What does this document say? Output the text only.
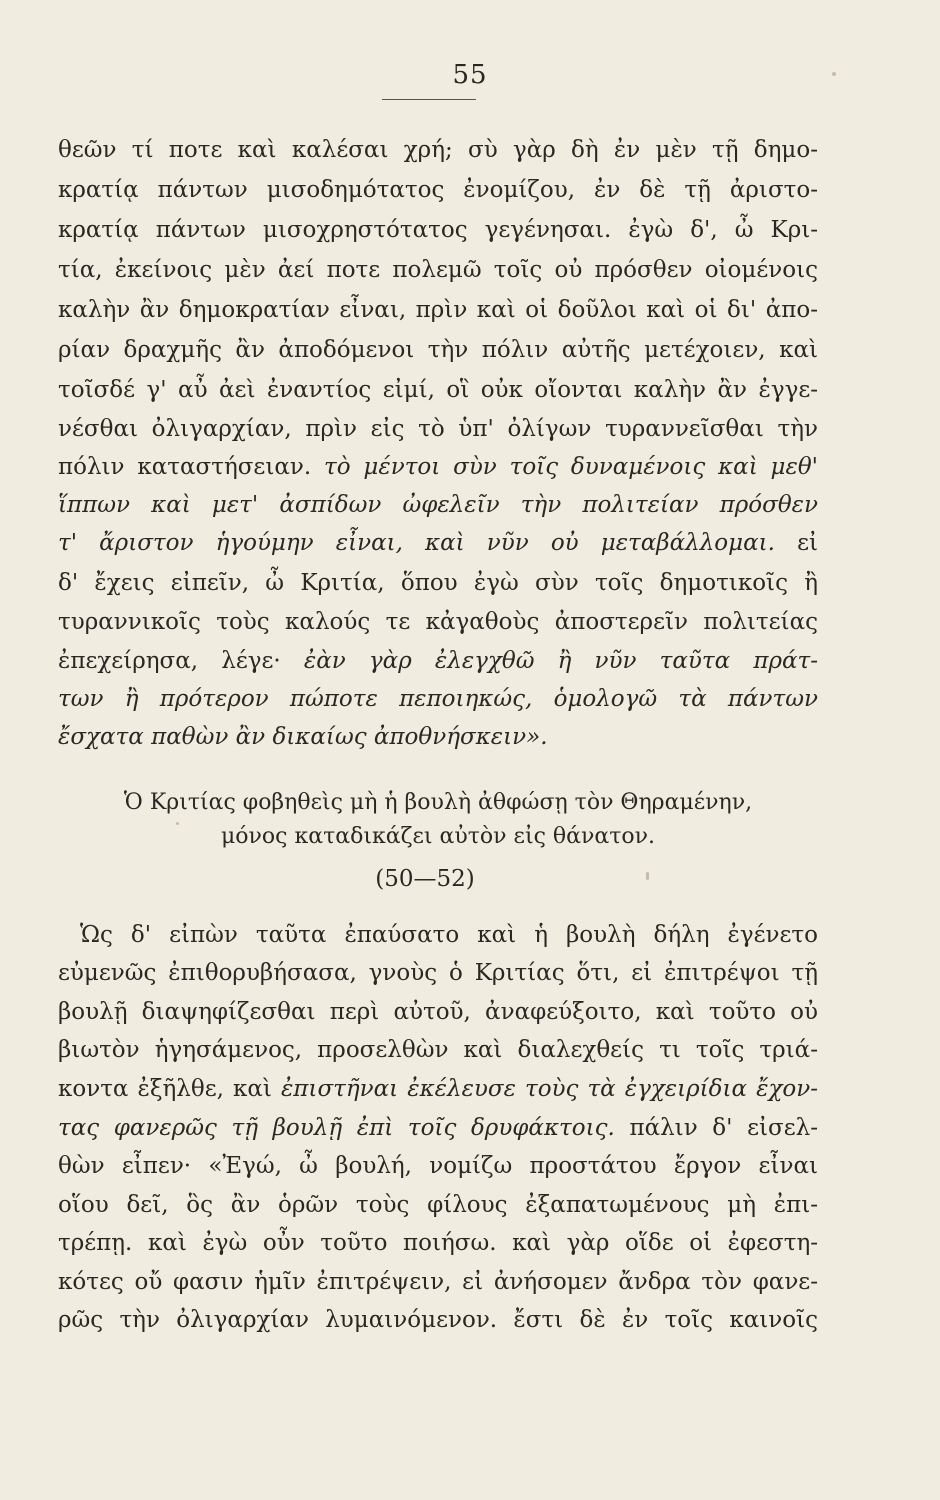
55
θεῶν τί ποτε καὶ καλέσαι χρή; σὺ γὰρ δὴ ἐν μὲν τῇ δημο-
κρατίᾳ πάντων μισοδημότατος ἐνομίζου, ἐν δὲ τῇ ἀριστο-
κρατίᾳ πάντων μισοχρηστότατος γεγένησαι. ἐγὼ δ', ὦ Κρι-
τία, ἐκείνοις μὲν ἀεί ποτε πολεμῶ τοῖς οὐ πρόσθεν οἰομένοις
καλὴν ἂν δημοκρατίαν εἶναι, πρὶν καὶ οἱ δοῦλοι καὶ οἱ δι' ἀπο-
ρίαν δραχμῆς ἂν ἀποδόμενοι τὴν πόλιν αὐτῆς μετέχοιεν, καὶ
τοῖσδέ γ' αὖ ἀεὶ ἐναντίος εἰμί, οἳ οὐκ οἴονται καλὴν ἂν ἐγγε-
νέσθαι ὀλιγαρχίαν, πρὶν εἰς τὸ ὑπ' ὀλίγων τυραννεῖσθαι τὴν
πόλιν καταστήσειαν. τὸ μέντοι σὺν τοῖς δυναμένοις καὶ μεθ'
ἵππων καὶ μετ' ἀσπίδων ὠφελεῖν τὴν πολιτείαν πρόσθεν
τ' ἄριστον ἡγούμην εἶναι, καὶ νῦν οὐ μεταβάλλομαι. εἰ
δ' ἔχεις εἰπεῖν, ὦ Κριτία, ὅπου ἐγὼ σὺν τοῖς δημοτικοῖς ἢ
τυραννικοῖς τοὺς καλούς τε κἀγαθοὺς ἀποστερεῖν πολιτείας
ἐπεχείρησα, λέγε· ἐὰν γὰρ ἐλεγχθῶ ἢ νῦν ταῦτα πράτ-
των ἢ πρότερον πώποτε πεποιηκώς, ὁμολογῶ τὰ πάντων
ἔσχατα παθὼν ἂν δικαίως ἀποθνήσκειν».
Ὁ Κριτίας φοβηθεὶς μὴ ἡ βουλὴ ἀθφώσῃ τὸν Θηραμένην,
μόνος καταδικάζει αὐτὸν εἰς θάνατον.
(50—52)
Ὡς δ' εἰπὼν ταῦτα ἐπαύσατο καὶ ἡ βουλὴ δήλη ἐγένετο
εὐμενῶς ἐπιθορυβήσασα, γνοὺς ὁ Κριτίας ὅτι, εἰ ἐπιτρέψοι τῇ
βουλῇ διαψηφίζεσθαι περὶ αὐτοῦ, ἀναφεύξοιτο, καὶ τοῦτο οὐ
βιωτὸν ἡγησάμενος, προσελθὼν καὶ διαλεχθείς τι τοῖς τριά-
κοντα ἐξῆλθε, καὶ ἐπιστῆναι ἐκέλευσε τοὺς τὰ ἐγχειρίδια ἔχον-
τας φανερῶς τῇ βουλῇ ἐπὶ τοῖς δρυφάκτοις. πάλιν δ' εἰσελ-
θὼν εἶπεν· «Ἐγώ, ὦ βουλή, νομίζω προστάτου ἔργον εἶναι
οἵου δεῖ, ὃς ἂν ὁρῶν τοὺς φίλους ἐξαπατωμένους μὴ ἐπι-
τρέπῃ. καὶ ἐγὼ οὖν τοῦτο ποιήσω. καὶ γὰρ οἵδε οἱ ἐφεστη-
κότες οὔ φασιν ἡμῖν ἐπιτρέψειν, εἰ ἀνήσομεν ἄνδρα τὸν φανε-
ρῶς τὴν ὀλιγαρχίαν λυμαινόμενον. ἔστι δὲ ἐν τοῖς καινοῖς
